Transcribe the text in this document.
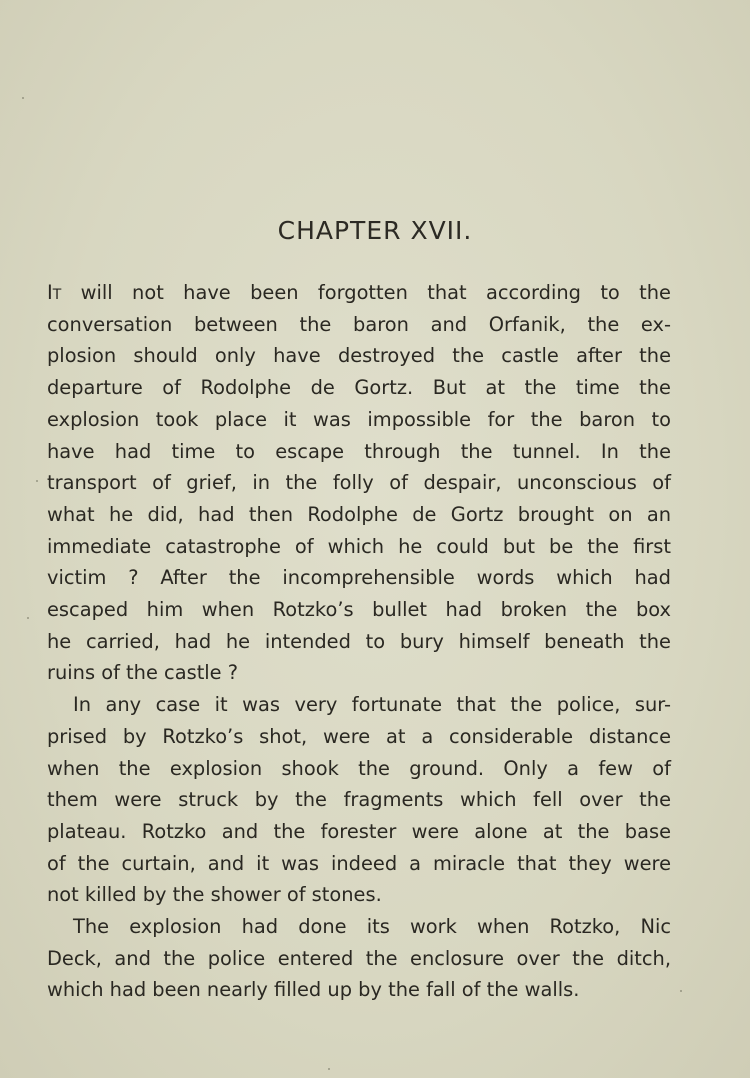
CHAPTER XVII.
It will not have been forgotten that according to the
conversation between the baron and Orfanik, the ex-
plosion should only have destroyed the castle after the
departure of Rodolphe de Gortz. But at the time the
explosion took place it was impossible for the baron to
have had time to escape through the tunnel. In the
transport of grief, in the folly of despair, unconscious of
what he did, had then Rodolphe de Gortz brought on an
immediate catastrophe of which he could but be the first
victim ? After the incomprehensible words which had
escaped him when Rotzko’s bullet had broken the box
he carried, had he intended to bury himself beneath the
ruins of the castle ?
In any case it was very fortunate that the police, sur-
prised by Rotzko’s shot, were at a considerable distance
when the explosion shook the ground. Only a few of
them were struck by the fragments which fell over the
plateau. Rotzko and the forester were alone at the base
of the curtain, and it was indeed a miracle that they were
not killed by the shower of stones.
The explosion had done its work when Rotzko, Nic
Deck, and the police entered the enclosure over the ditch,
which had been nearly filled up by the fall of the walls.
